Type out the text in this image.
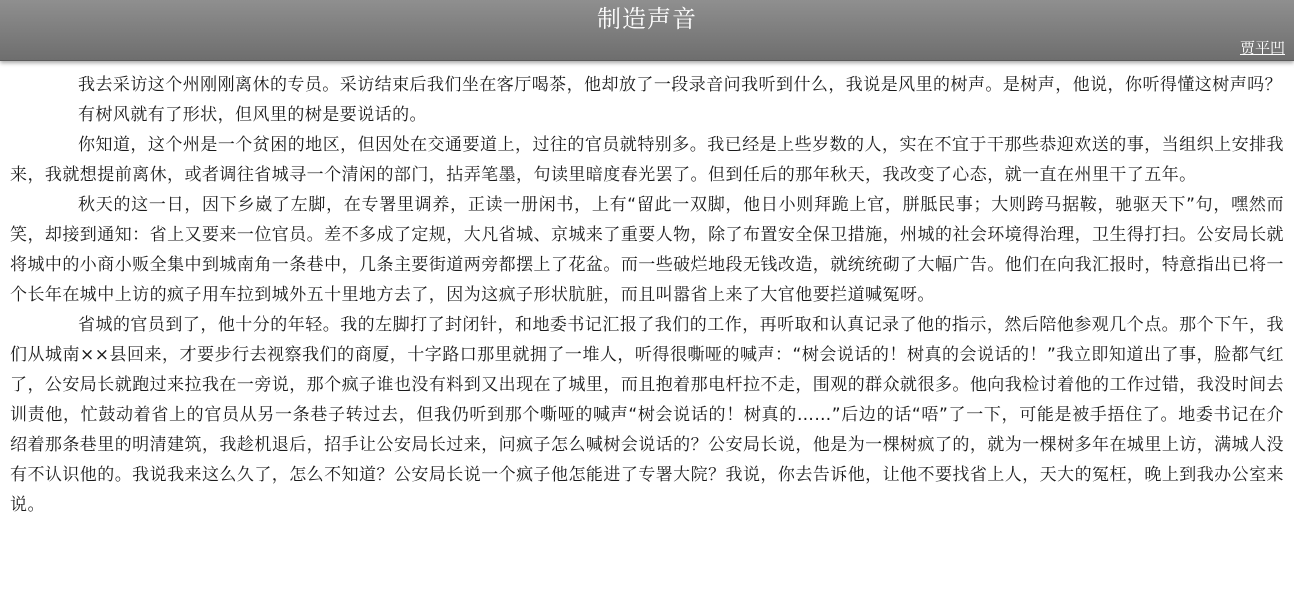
制造声音
贾平凹

我去采访这个州刚刚离休的专员。采访结束后我们坐在客厅喝茶，他却放了一段录音问我听到什么，我说是风里的树声。是树声，他说，你听得懂这树声吗？

有树风就有了形状，但风里的树是要说话的。

你知道，这个州是一个贫困的地区，但因处在交通要道上，过往的官员就特别多。我已经是上些岁数的人，实在不宜于干那些恭迎欢送的事，当组织上安排我来，我就想提前离休，或者调往省城寻一个清闲的部门，拈弄笔墨，句读里暗度春光罢了。但到任后的那年秋天，我改变了心态，就一直在州里干了五年。

秋天的这一日，因下乡崴了左脚，在专署里调养，正读一册闲书，上有“留此一双脚，他日小则拜跪上官，胼胝民事；大则跨马据鞍，驰驱天下”句，嘿然而笑，却接到通知：省上又要来一位官员。差不多成了定规，大凡省城、京城来了重要人物，除了布置安全保卫措施，州城的社会环境得治理，卫生得打扫。公安局长就将城中的小商小贩全集中到城南角一条巷中，几条主要街道两旁都摆上了花盆。而一些破烂地段无钱改造，就统统砌了大幅广告。他们在向我汇报时，特意指出已将一个长年在城中上访的疯子用车拉到城外五十里地方去了，因为这疯子形状肮脏，而且叫嚣省上来了大官他要拦道喊冤呀。

省城的官员到了，他十分的年轻。我的左脚打了封闭针，和地委书记汇报了我们的工作，再听取和认真记录了他的指示，然后陪他参观几个点。那个下午，我们从城南××县回来，才要步行去视察我们的商厦，十字路口那里就拥了一堆人，听得很嘶哑的喊声：“树会说话的！树真的会说话的！”我立即知道出了事，脸都气红了，公安局长就跑过来拉我在一旁说，那个疯子谁也没有料到又出现在了城里，而且抱着那电杆拉不走，围观的群众就很多。他向我检讨着他的工作过错，我没时间去训责他，忙鼓动着省上的官员从另一条巷子转过去，但我仍听到那个嘶哑的喊声“树会说话的！树真的……”后边的话“唔”了一下，可能是被手捂住了。地委书记在介绍着那条巷里的明清建筑，我趁机退后，招手让公安局长过来，问疯子怎么喊树会说话的？公安局长说，他是为一棵树疯了的，就为一棵树多年在城里上访，满城人没有不认识他的。我说我来这么久了，怎么不知道？公安局长说一个疯子他怎能进了专署大院？我说，你去告诉他，让他不要找省上人，天大的冤枉，晚上到我办公室来说。
